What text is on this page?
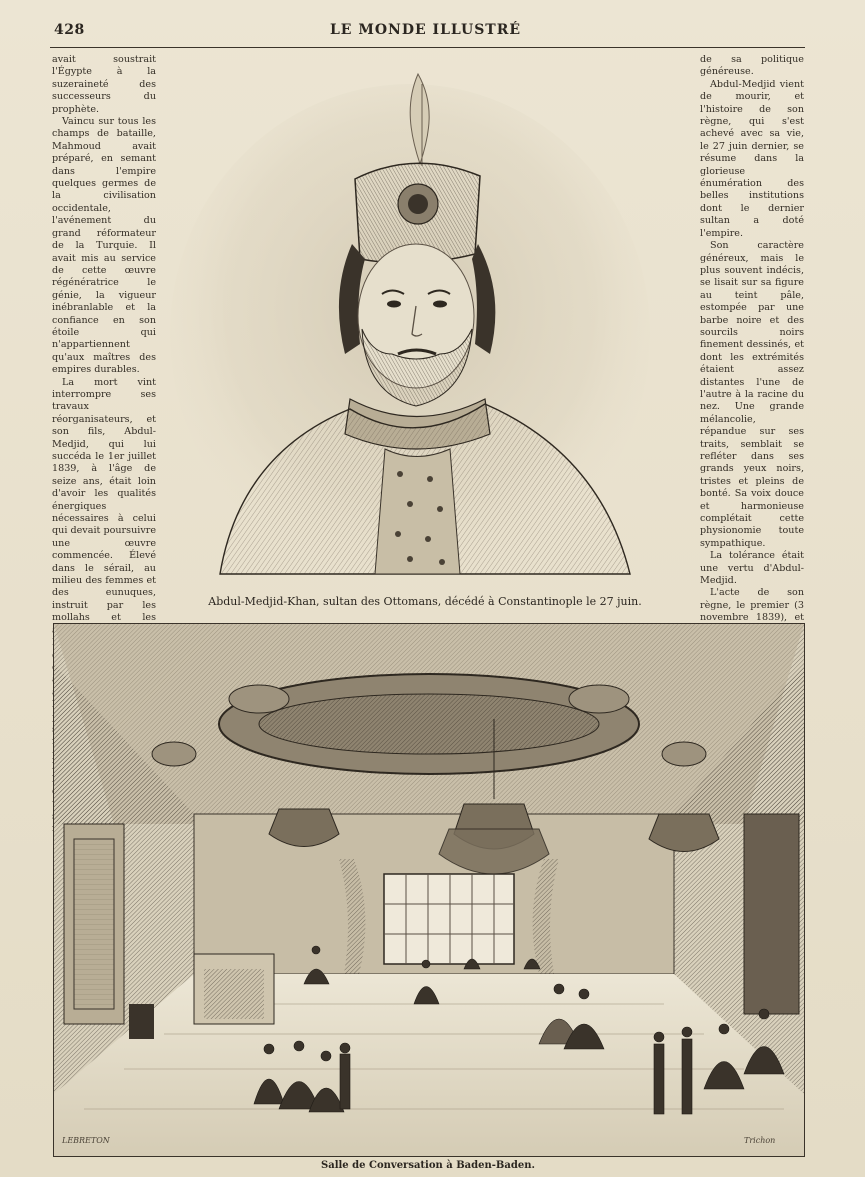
428	LE MONDE ILLUSTRÉ

avait soustrait l'Égypte à la suzeraineté des successeurs du prophète.

Vaincu sur tous les champs de bataille, Mahmoud avait préparé, en semant dans l'empire quelques germes de la civilisation occidentale, l'avénement du grand réformateur de la Turquie. Il avait mis au service de cette œuvre régénératrice le génie, la vigueur inébranlable et la confiance en son étoile qui n'appartiennent qu'aux maîtres des empires durables.

La mort vint interrompre ses travaux réorganisateurs, et son fils, Abdul-Medjid, qui lui succéda le 1er juillet 1839, à l'âge de seize ans, était loin d'avoir les qualités énergiques nécessaires à celui qui devait poursuivre une œuvre commencée. Élevé dans le sérail, au milieu des femmes et des eunuques, instruit par les mollahs et les

Abdul-Medjid-Khan, sultan des Ottomans, décédé à Constantinople le 27 juin.

de sa politique généreuse.

Abdul-Medjid vient de mourir, et l'histoire de son règne, qui s'est achevé avec sa vie, le 27 juin dernier, se résume dans la glorieuse énumération des belles institutions dont le dernier sultan a doté l'empire.

Son caractère généreux, mais le plus souvent indécis, se lisait sur sa figure au teint pâle, estompée par une barbe noire et des sourcils noirs finement dessinés, et dont les extrémités étaient assez distantes l'une de l'autre à la racine du nez. Une grande mélancolie, répandue sur ses traits, semblait se refléter dans ses grands yeux noirs, tristes et pleins de bonté. Sa voix douce et harmonieuse complétait cette physionomie toute sympathique.

La tolérance était une vertu d'Abdul-Medjid.

L'acte de son règne, le premier (3 novembre 1839), et

LEBRETON	Trichon
Salle de Conversation à Baden-Baden.
